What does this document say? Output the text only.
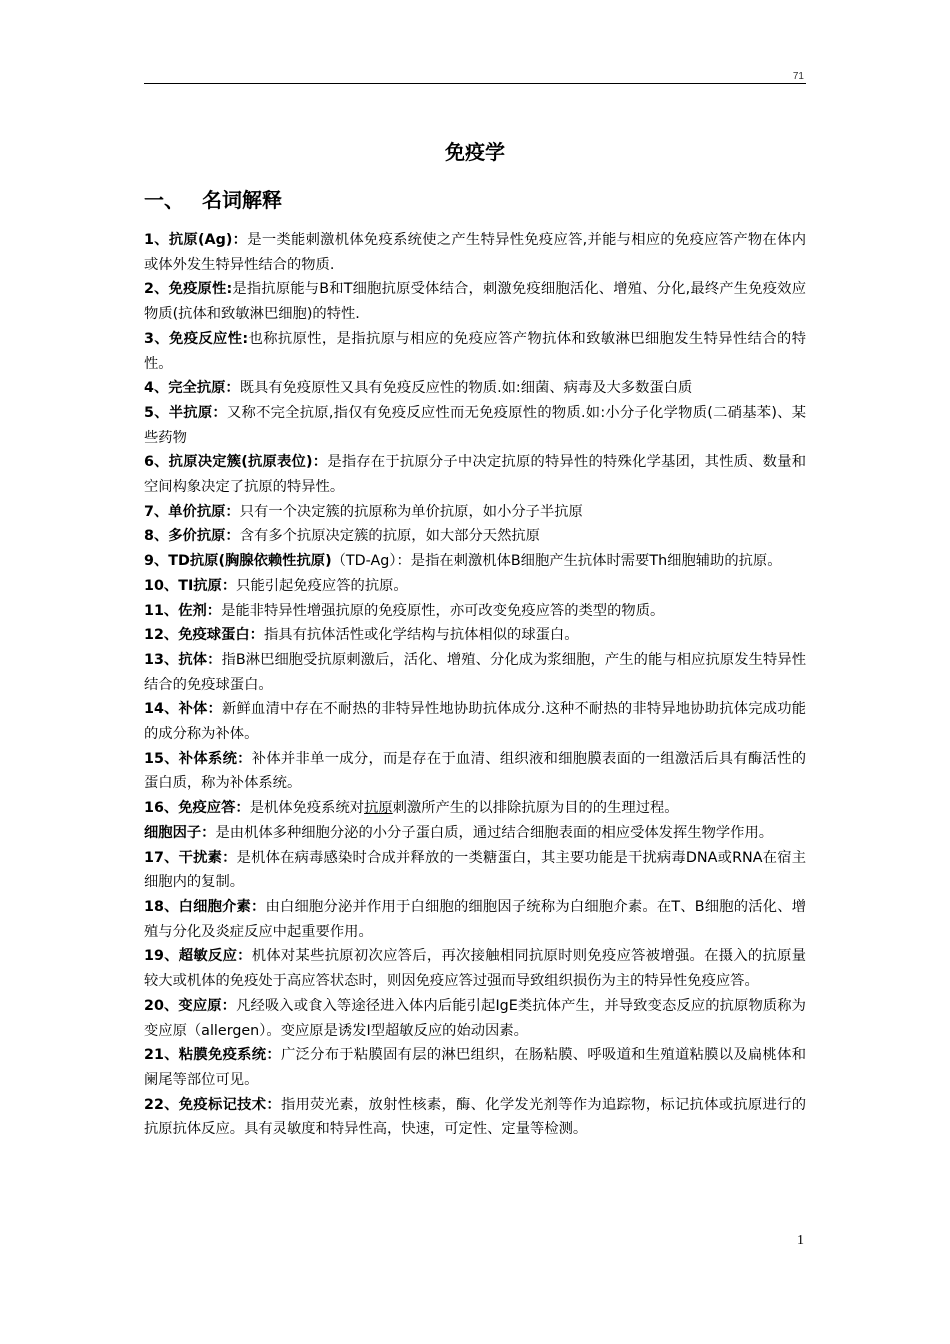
71
免疫学
一、 名词解释

1、抗原(Ag)：是一类能刺激机体免疫系统使之产生特异性免疫应答,并能与相应的免疫应答产物在体内或体外发生特异性结合的物质.

2、免疫原性:是指抗原能与B和T细胞抗原受体结合，刺激免疫细胞活化、增殖、分化,最终产生免疫效应物质(抗体和致敏淋巴细胞)的特性.

3、免疫反应性:也称抗原性，是指抗原与相应的免疫应答产物抗体和致敏淋巴细胞发生特异性结合的特性。

4、完全抗原：既具有免疫原性又具有免疫反应性的物质.如:细菌、病毒及大多数蛋白质

5、半抗原：又称不完全抗原,指仅有免疫反应性而无免疫原性的物质.如:小分子化学物质(二硝基苯)、某些药物

6、抗原决定簇(抗原表位)：是指存在于抗原分子中决定抗原的特异性的特殊化学基团，其性质、数量和空间构象决定了抗原的特异性。

7、单价抗原：只有一个决定簇的抗原称为单价抗原，如小分子半抗原

8、多价抗原：含有多个抗原决定簇的抗原，如大部分天然抗原

9、TD抗原(胸腺依赖性抗原)（TD-Ag）：是指在刺激机体B细胞产生抗体时需要Th细胞辅助的抗原。

10、TI抗原：只能引起免疫应答的抗原。

11、佐剂：是能非特异性增强抗原的免疫原性，亦可改变免疫应答的类型的物质。

12、免疫球蛋白：指具有抗体活性或化学结构与抗体相似的球蛋白。

13、抗体：指B淋巴细胞受抗原刺激后，活化、增殖、分化成为浆细胞，产生的能与相应抗原发生特异性结合的免疫球蛋白。

14、补体：新鲜血清中存在不耐热的非特异性地协助抗体成分.这种不耐热的非特异地协助抗体完成功能的成分称为补体。

15、补体系统：补体并非单一成分，而是存在于血清、组织液和细胞膜表面的一组激活后具有酶活性的蛋白质，称为补体系统。

16、免疫应答：是机体免疫系统对抗原刺激所产生的以排除抗原为目的的生理过程。

细胞因子：是由机体多种细胞分泌的小分子蛋白质，通过结合细胞表面的相应受体发挥生物学作用。

17、干扰素：是机体在病毒感染时合成并释放的一类糖蛋白，其主要功能是干扰病毒DNA或RNA在宿主细胞内的复制。

18、白细胞介素：由白细胞分泌并作用于白细胞的细胞因子统称为白细胞介素。在T、B细胞的活化、增殖与分化及炎症反应中起重要作用。

19、超敏反应：机体对某些抗原初次应答后，再次接触相同抗原时则免疫应答被增强。在摄入的抗原量较大或机体的免疫处于高应答状态时，则因免疫应答过强而导致组织损伤为主的特异性免疫应答。

20、变应原：凡经吸入或食入等途径进入体内后能引起IgE类抗体产生，并导致变态反应的抗原物质称为变应原（allergen）。变应原是诱发I型超敏反应的始动因素。

21、粘膜免疫系统：广泛分布于粘膜固有层的淋巴组织，在肠粘膜、呼吸道和生殖道粘膜以及扁桃体和阑尾等部位可见。

22、免疫标记技术：指用荧光素，放射性核素，酶、化学发光剂等作为追踪物，标记抗体或抗原进行的抗原抗体反应。具有灵敏度和特异性高，快速，可定性、定量等检测。

1
